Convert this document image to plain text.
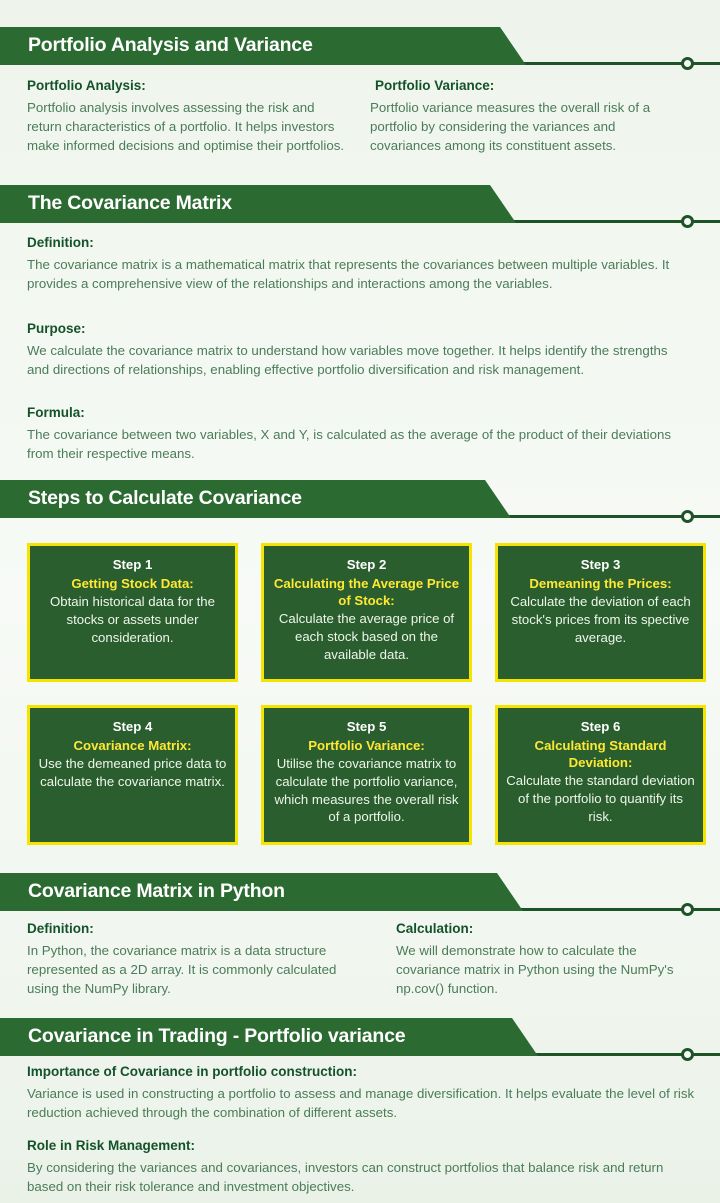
Portfolio Analysis and Variance
Portfolio Analysis:
Portfolio analysis involves assessing the risk and return characteristics of a portfolio. It helps investors make informed decisions and optimise their portfolios.
Portfolio Variance:
Portfolio variance measures the overall risk of a portfolio by considering the variances and covariances among its constituent assets.
The Covariance Matrix
Definition:
The covariance matrix is a mathematical matrix that represents the covariances between multiple variables. It provides a comprehensive view of the relationships and interactions among the variables.
Purpose:
We calculate the covariance matrix to understand how variables move together. It helps identify the strengths and directions of relationships, enabling effective portfolio diversification and risk management.
Formula:
The covariance between two variables, X and Y, is calculated as the average of the product of their deviations from their respective means.
Steps to Calculate Covariance
Step 1
Getting Stock Data:
Obtain historical data for the stocks or assets under consideration.
Step 2
Calculating the Average Price of Stock:
Calculate the average price of each stock based on the available data.
Step 3
Demeaning the Prices:
Calculate the deviation of each stock's prices from its spective average.
Step 4
Covariance Matrix:
Use the demeaned price data to calculate the covariance matrix.
Step 5
Portfolio Variance:
Utilise the covariance matrix to calculate the portfolio variance, which measures the overall risk of a portfolio.
Step 6
Calculating Standard Deviation:
Calculate the standard deviation of the portfolio to quantify its risk.
Covariance Matrix in Python
Definition:
In Python, the covariance matrix is a data structure represented as a 2D array. It is commonly calculated using the NumPy library.
Calculation:
We will demonstrate how to calculate the covariance matrix in Python using the NumPy's np.cov() function.
Covariance in Trading - Portfolio variance
Importance of Covariance in portfolio construction:
Variance is used in constructing a portfolio to assess and manage diversification. It helps evaluate the level of risk reduction achieved through the combination of different assets.
Role in Risk Management:
By considering the variances and covariances, investors can construct portfolios that balance risk and return based on their risk tolerance and investment objectives.
